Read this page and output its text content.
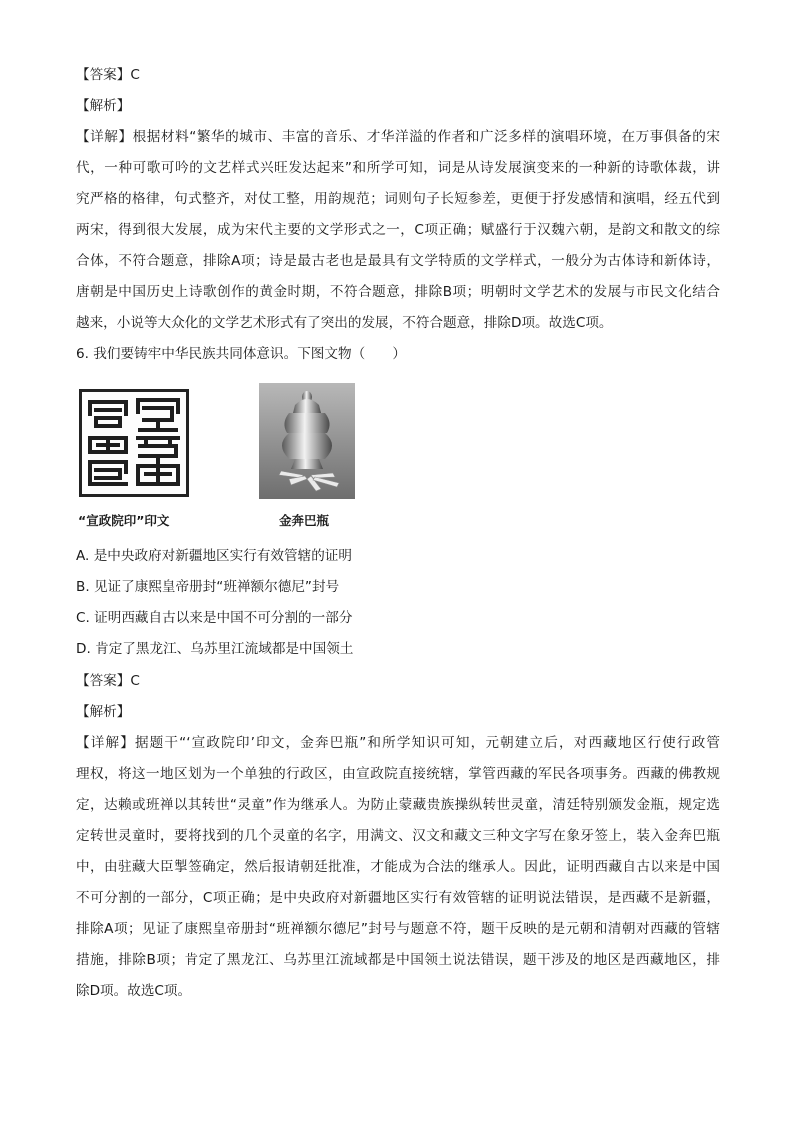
【答案】C
【解析】
【详解】根据材料“繁华的城市、丰富的音乐、才华洋溢的作者和广泛多样的演唱环境，在万事俱备的宋
代，一种可歌可吟的文艺样式兴旺发达起来”和所学可知，词是从诗发展演变来的一种新的诗歌体裁，讲
究严格的格律，句式整齐，对仗工整，用韵规范；词则句子长短参差，更便于抒发感情和演唱，经五代到
两宋，得到很大发展，成为宋代主要的文学形式之一，C项正确；赋盛行于汉魏六朝，是韵文和散文的综
合体，不符合题意，排除A项；诗是最古老也是最具有文学特质的文学样式，一般分为古体诗和新体诗，
唐朝是中国历史上诗歌创作的黄金时期，不符合题意，排除B项；明朝时文学艺术的发展与市民文化结合
越来，小说等大众化的文学艺术形式有了突出的发展，不符合题意，排除D项。故选C项。
6. 我们要铸牢中华民族共同体意识。下图文物（　　）
“宣政院印”印文	金奔巴瓶
A. 是中央政府对新疆地区实行有效管辖的证明
B. 见证了康熙皇帝册封“班禅额尔德尼”封号
C. 证明西藏自古以来是中国不可分割的一部分
D. 肯定了黑龙江、乌苏里江流域都是中国领土
【答案】C
【解析】
【详解】据题干“‘宣政院印’印文，金奔巴瓶”和所学知识可知，元朝建立后，对西藏地区行使行政管
理权，将这一地区划为一个单独的行政区，由宣政院直接统辖，掌管西藏的军民各项事务。西藏的佛教规
定，达赖或班禅以其转世“灵童”作为继承人。为防止蒙藏贵族操纵转世灵童，清廷特别颁发金瓶，规定选
定转世灵童时，要将找到的几个灵童的名字，用满文、汉文和藏文三种文字写在象牙签上，装入金奔巴瓶
中，由驻藏大臣掣签确定，然后报请朝廷批准，才能成为合法的继承人。因此，证明西藏自古以来是中国
不可分割的一部分，C项正确；是中央政府对新疆地区实行有效管辖的证明说法错误，是西藏不是新疆，
排除A项；见证了康熙皇帝册封“班禅额尔德尼”封号与题意不符，题干反映的是元朝和清朝对西藏的管辖
措施，排除B项；肯定了黑龙江、乌苏里江流域都是中国领土说法错误，题干涉及的地区是西藏地区，排
除D项。故选C项。
